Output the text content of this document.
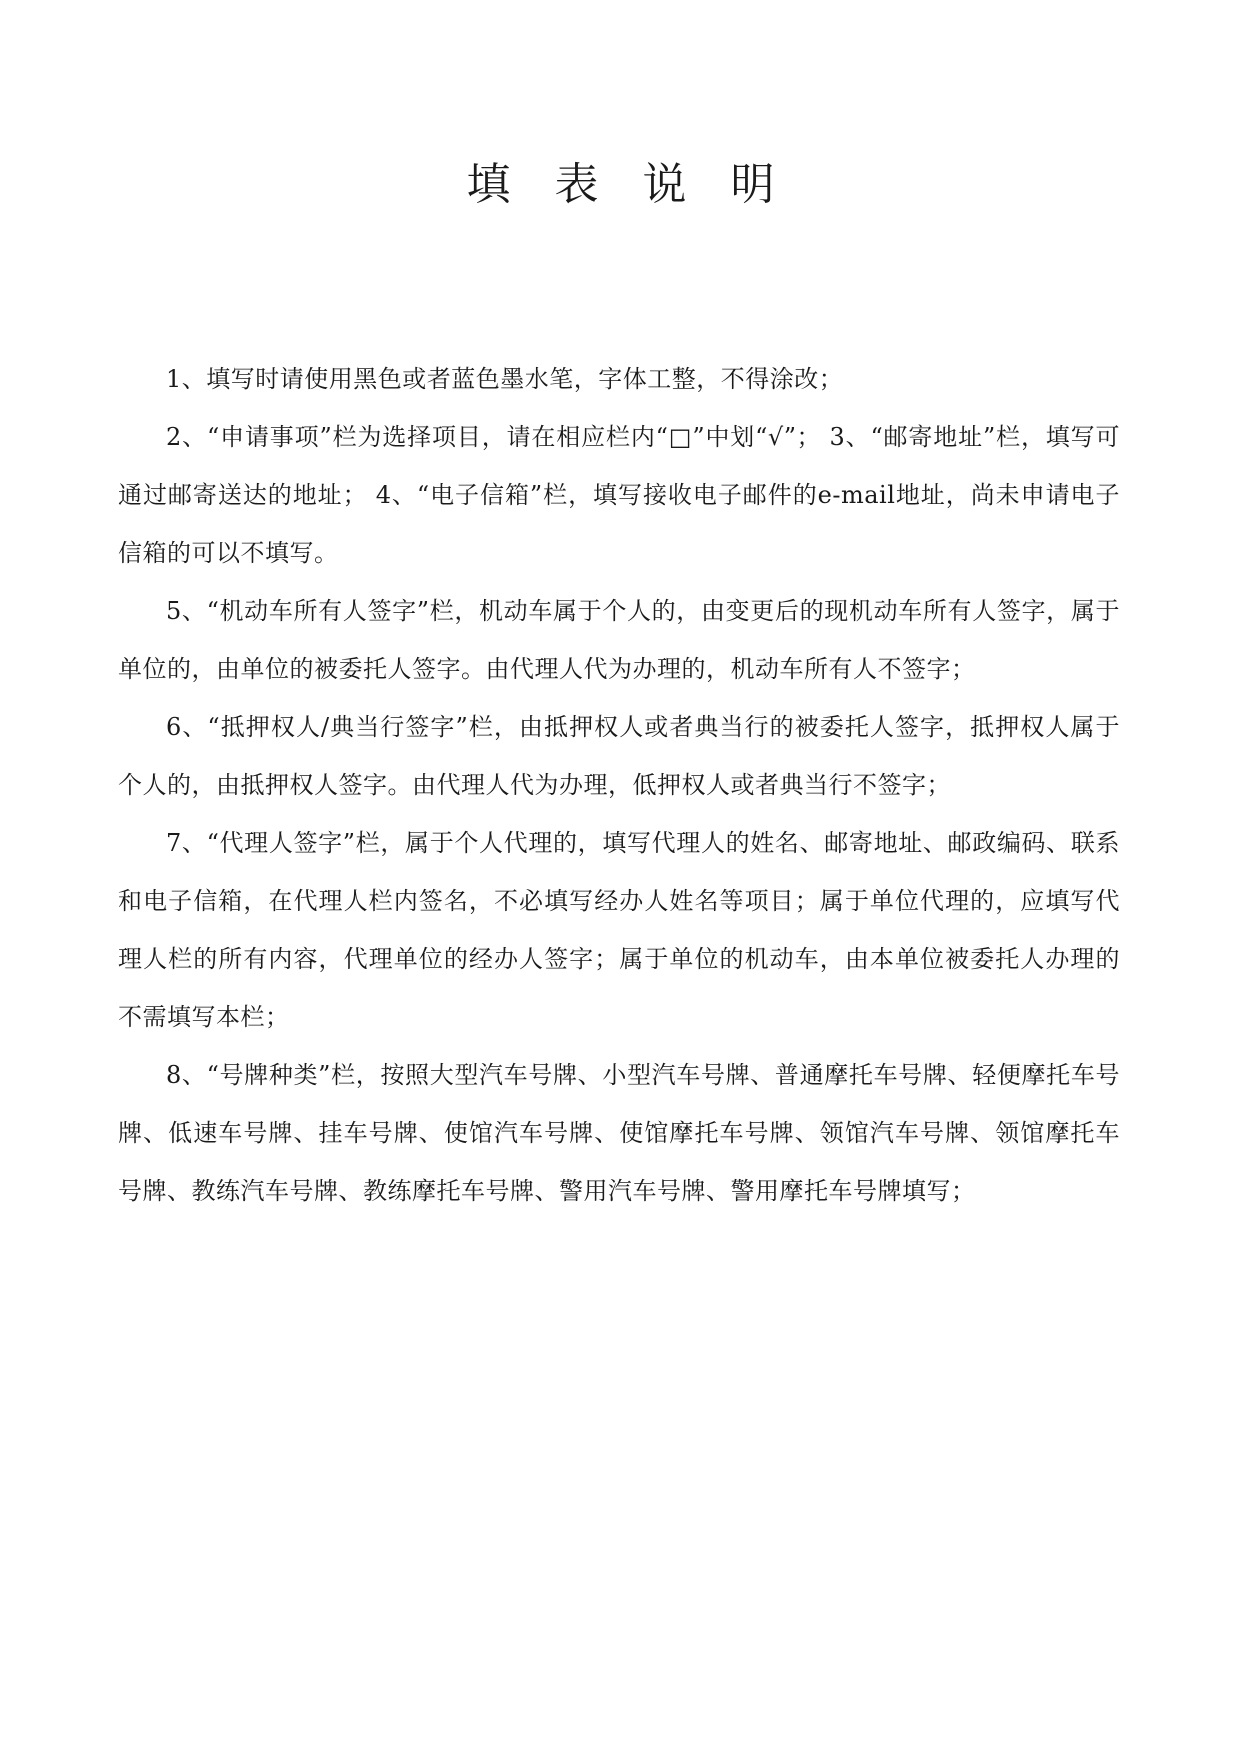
填表说明

1、填写时请使用黑色或者蓝色墨水笔，字体工整，不得涂改；

2、“申请事项”栏为选择项目，请在相应栏内“□”中划“√”； 3、“邮寄地址”栏，填写可通过邮寄送达的地址； 4、“电子信箱”栏，填写接收电子邮件的e-mail地址，尚未申请电子信箱的可以不填写。

5、“机动车所有人签字”栏，机动车属于个人的，由变更后的现机动车所有人签字，属于单位的，由单位的被委托人签字。由代理人代为办理的，机动车所有人不签字；

6、“抵押权人/典当行签字”栏，由抵押权人或者典当行的被委托人签字，抵押权人属于个人的，由抵押权人签字。由代理人代为办理，低押权人或者典当行不签字；

7、“代理人签字”栏，属于个人代理的，填写代理人的姓名、邮寄地址、邮政编码、联系　　和电子信箱，在代理人栏内签名，不必填写经办人姓名等项目；属于单位代理的，应填写代理人栏的所有内容，代理单位的经办人签字；属于单位的机动车，由本单位被委托人办理的不需填写本栏；

8、“号牌种类”栏，按照大型汽车号牌、小型汽车号牌、普通摩托车号牌、轻便摩托车号牌、低速车号牌、挂车号牌、使馆汽车号牌、使馆摩托车号牌、领馆汽车号牌、领馆摩托车号牌、教练汽车号牌、教练摩托车号牌、警用汽车号牌、警用摩托车号牌填写；
